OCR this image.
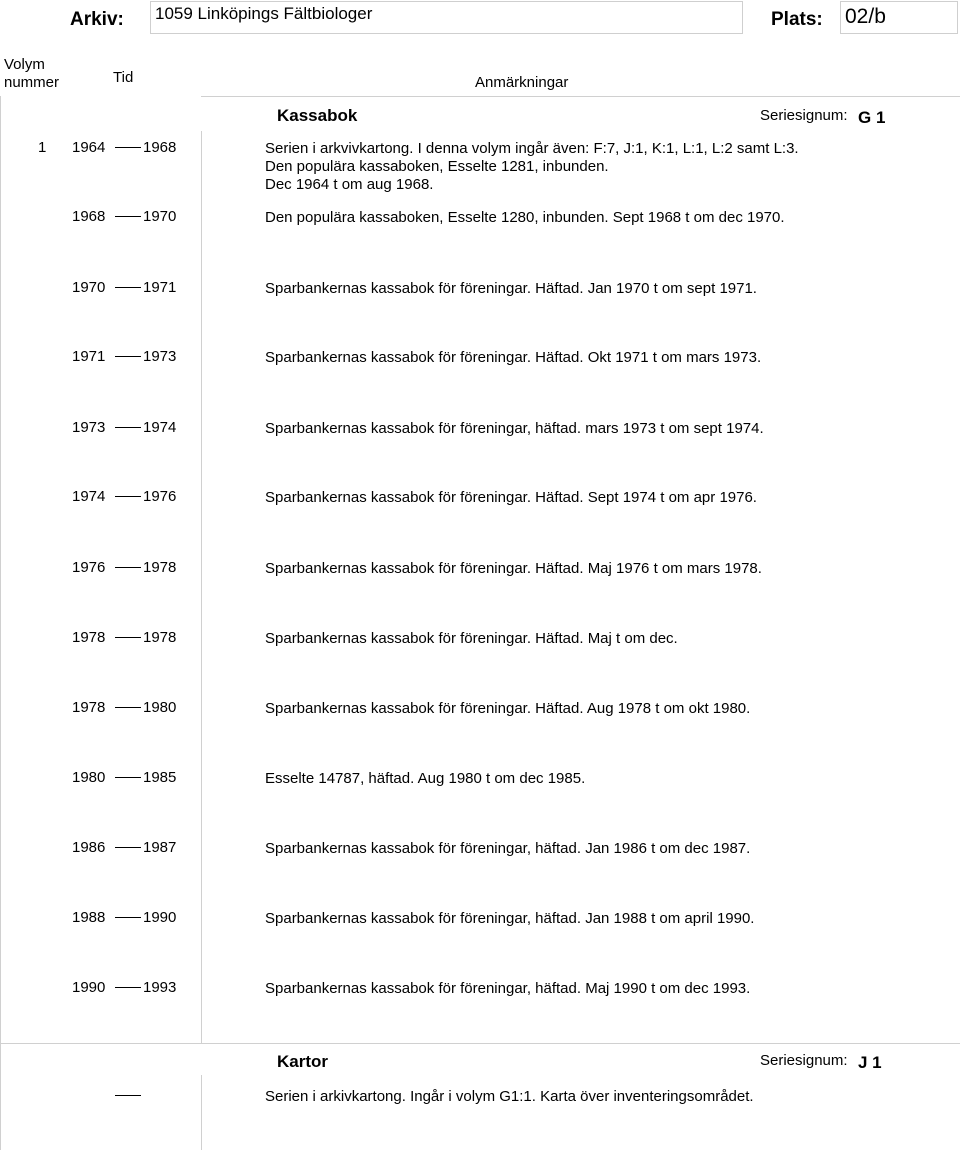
Arkiv: 1059 Linköpings Fältbiologer	Plats: 02/b
Volym
nummer	Tid	Anmärkningar
Kassabok	Seriesignum: G 1
1 1964	1968	Serien i arkvivkartong. I denna volym ingår även: F:7, J:1, K:1, L:1, L:2 samt L:3.
Den populära kassaboken, Esselte 1281, inbunden.
Dec 1964 t om aug 1968.
1968	1970	Den populära kassaboken, Esselte 1280, inbunden. Sept 1968 t om dec 1970.
1970	1971	Sparbankernas kassabok för föreningar. Häftad. Jan 1970 t om sept 1971.
1971	1973	Sparbankernas kassabok för föreningar. Häftad. Okt 1971 t om mars 1973.
1973	1974	Sparbankernas kassabok för föreningar, häftad. mars 1973 t om sept 1974.
1974	1976	Sparbankernas kassabok för föreningar. Häftad. Sept 1974 t om apr 1976.
1976	1978	Sparbankernas kassabok för föreningar. Häftad. Maj 1976 t om mars 1978.
1978	1978	Sparbankernas kassabok för föreningar. Häftad. Maj t om dec.
1978	1980	Sparbankernas kassabok för föreningar. Häftad. Aug 1978 t om okt 1980.
1980	1985	Esselte 14787, häftad. Aug 1980 t om dec 1985.
1986	1987	Sparbankernas kassabok för föreningar, häftad. Jan 1986 t om dec 1987.
1988	1990	Sparbankernas kassabok för föreningar, häftad. Jan 1988 t om april 1990.
1990	1993	Sparbankernas kassabok för föreningar, häftad. Maj 1990 t om dec 1993.
Kartor	Seriesignum: J 1
Serien i arkivkartong. Ingår i volym G1:1. Karta över inventeringsområdet.
